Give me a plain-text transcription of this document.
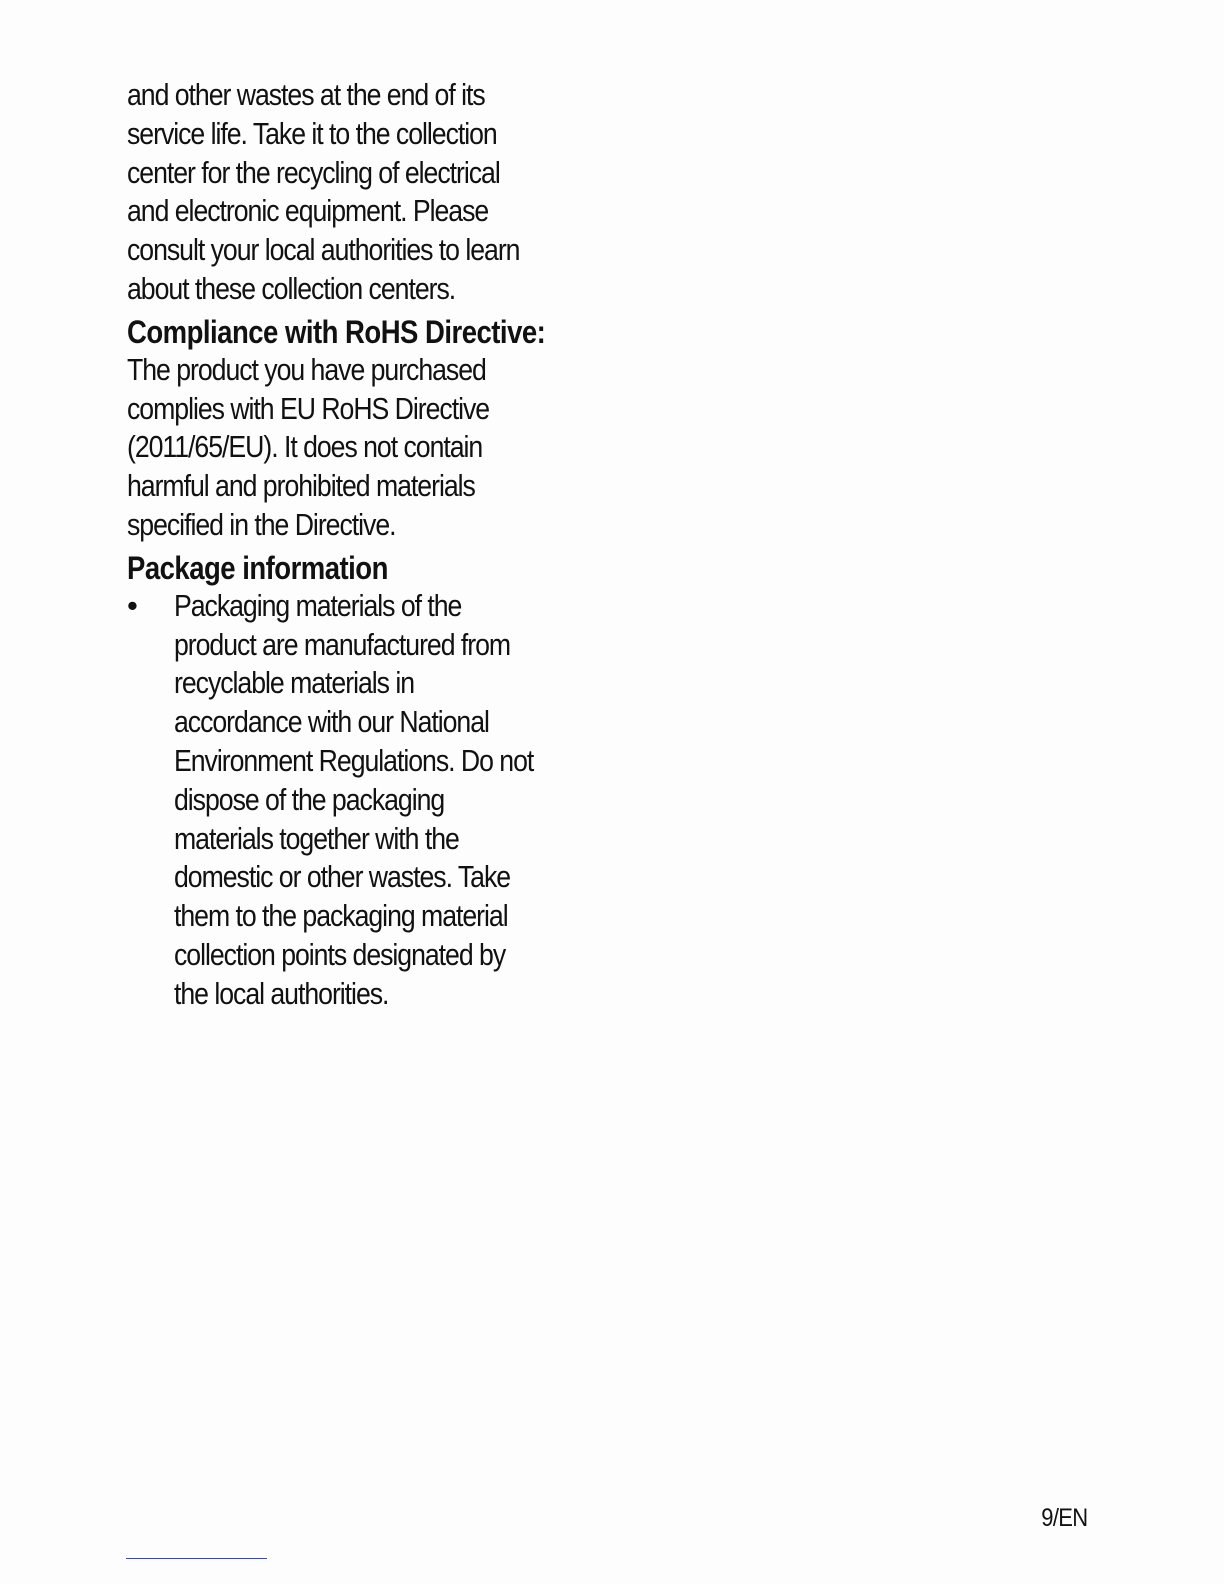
and other wastes at the end of its
service life. Take it to the collection
center for the recycling of electrical
and electronic equipment. Please
consult your local authorities to learn
about these collection centers.

Compliance with RoHS Directive:

The product you have purchased
complies with EU RoHS Directive
(2011/65/EU). It does not contain
harmful and prohibited materials
specified in the Directive.

Package information
• Packaging materials of the
product are manufactured from
recyclable materials in
accordance with our National
Environment Regulations. Do not
dispose of the packaging
materials together with the
domestic or other wastes. Take
them to the packaging material
collection points designated by
the local authorities.

9/EN
